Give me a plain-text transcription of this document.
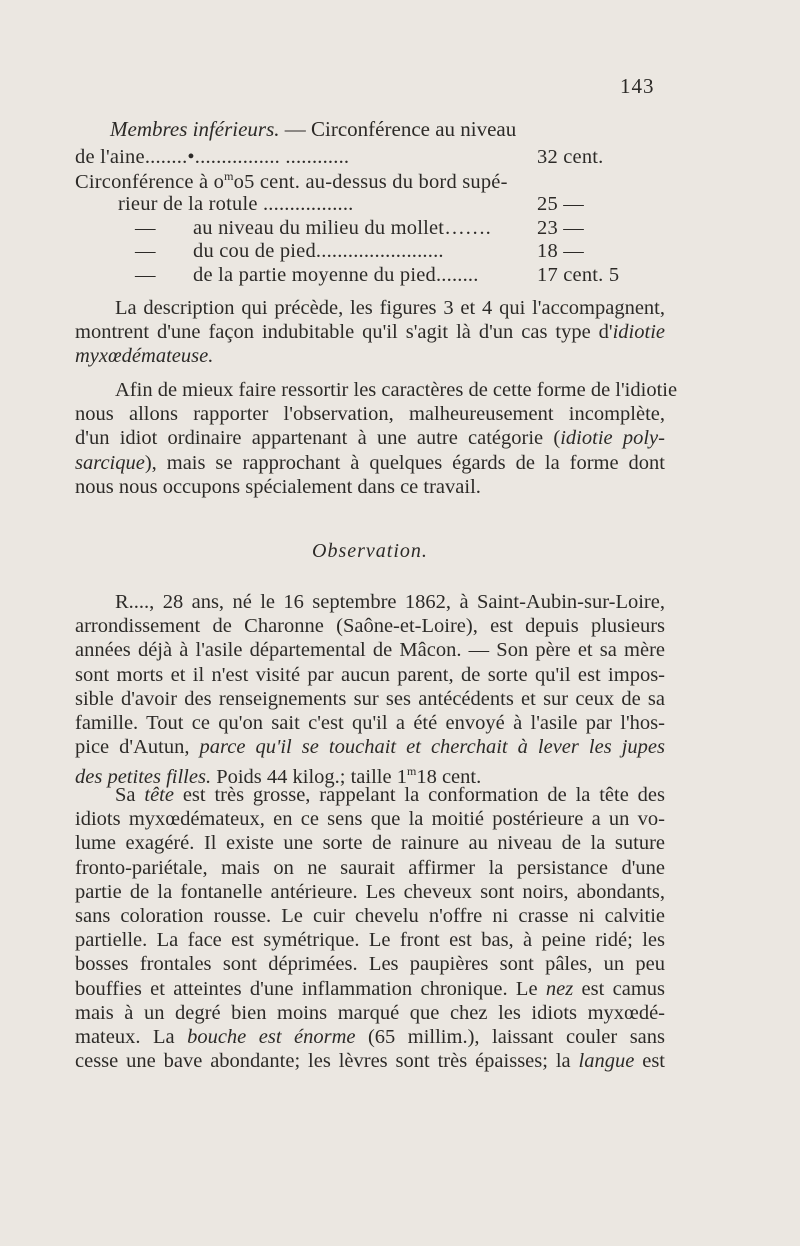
143
Membres inférieurs. — Circonférence au niveau
de l'aine........•................ ............	32 cent.
Circonférence à $o^mo5$ cent. au-dessus du bord supé-
rieur de la rotule .................	25 —
— au niveau du milieu du mollet……. 23 —
— du cou de pied........................	18 —
— de la partie moyenne du pied........	17 cent. 5
La description qui précède, les figures 3 et 4 qui l'accompagnent,
montrent d'une façon indubitable qu'il s'agit là d'un cas type d'idiotie
myxœdémateuse.
Afin de mieux faire ressortir les caractères de cette forme de l'idiotie
nous allons rapporter l'observation, malheureusement incomplète,
d'un idiot ordinaire appartenant à une autre catégorie (idiotie poly-
sarcique), mais se rapprochant à quelques égards de la forme dont
nous nous occupons spécialement dans ce travail.
Observation.
R...., 28 ans, né le 16 septembre 1862, à Saint-Aubin-sur-Loire,
arrondissement de Charonne (Saône-et-Loire), est depuis plusieurs
années déjà à l'asile départemental de Mâcon. — Son père et sa mère
sont morts et il n'est visité par aucun parent, de sorte qu'il est impos-
sible d'avoir des renseignements sur ses antécédents et sur ceux de sa
famille. Tout ce qu'on sait c'est qu'il a été envoyé à l'asile par l'hos-
pice d'Autun, parce qu'il se touchait et cherchait à lever les jupes
des petites filles. Poids 44 kilog.; taille 1$^m$18 cent.
Sa tête est très grosse, rappelant la conformation de la tête des
idiots myxœdémateux, en ce sens que la moitié postérieure a un vo-
lume exagéré. Il existe une sorte de rainure au niveau de la suture
fronto-pariétale, mais on ne saurait affirmer la persistance d'une
partie de la fontanelle antérieure. Les cheveux sont noirs, abondants,
sans coloration rousse. Le cuir chevelu n'offre ni crasse ni calvitie
partielle. La face est symétrique. Le front est bas, à peine ridé; les
bosses frontales sont déprimées. Les paupières sont pâles, un peu
bouffies et atteintes d'une inflammation chronique. Le nez est camus
mais à un degré bien moins marqué que chez les idiots myxœdé-
mateux. La bouche est énorme (65 millim.), laissant couler sans
cesse une bave abondante; les lèvres sont très épaisses; la langue est
